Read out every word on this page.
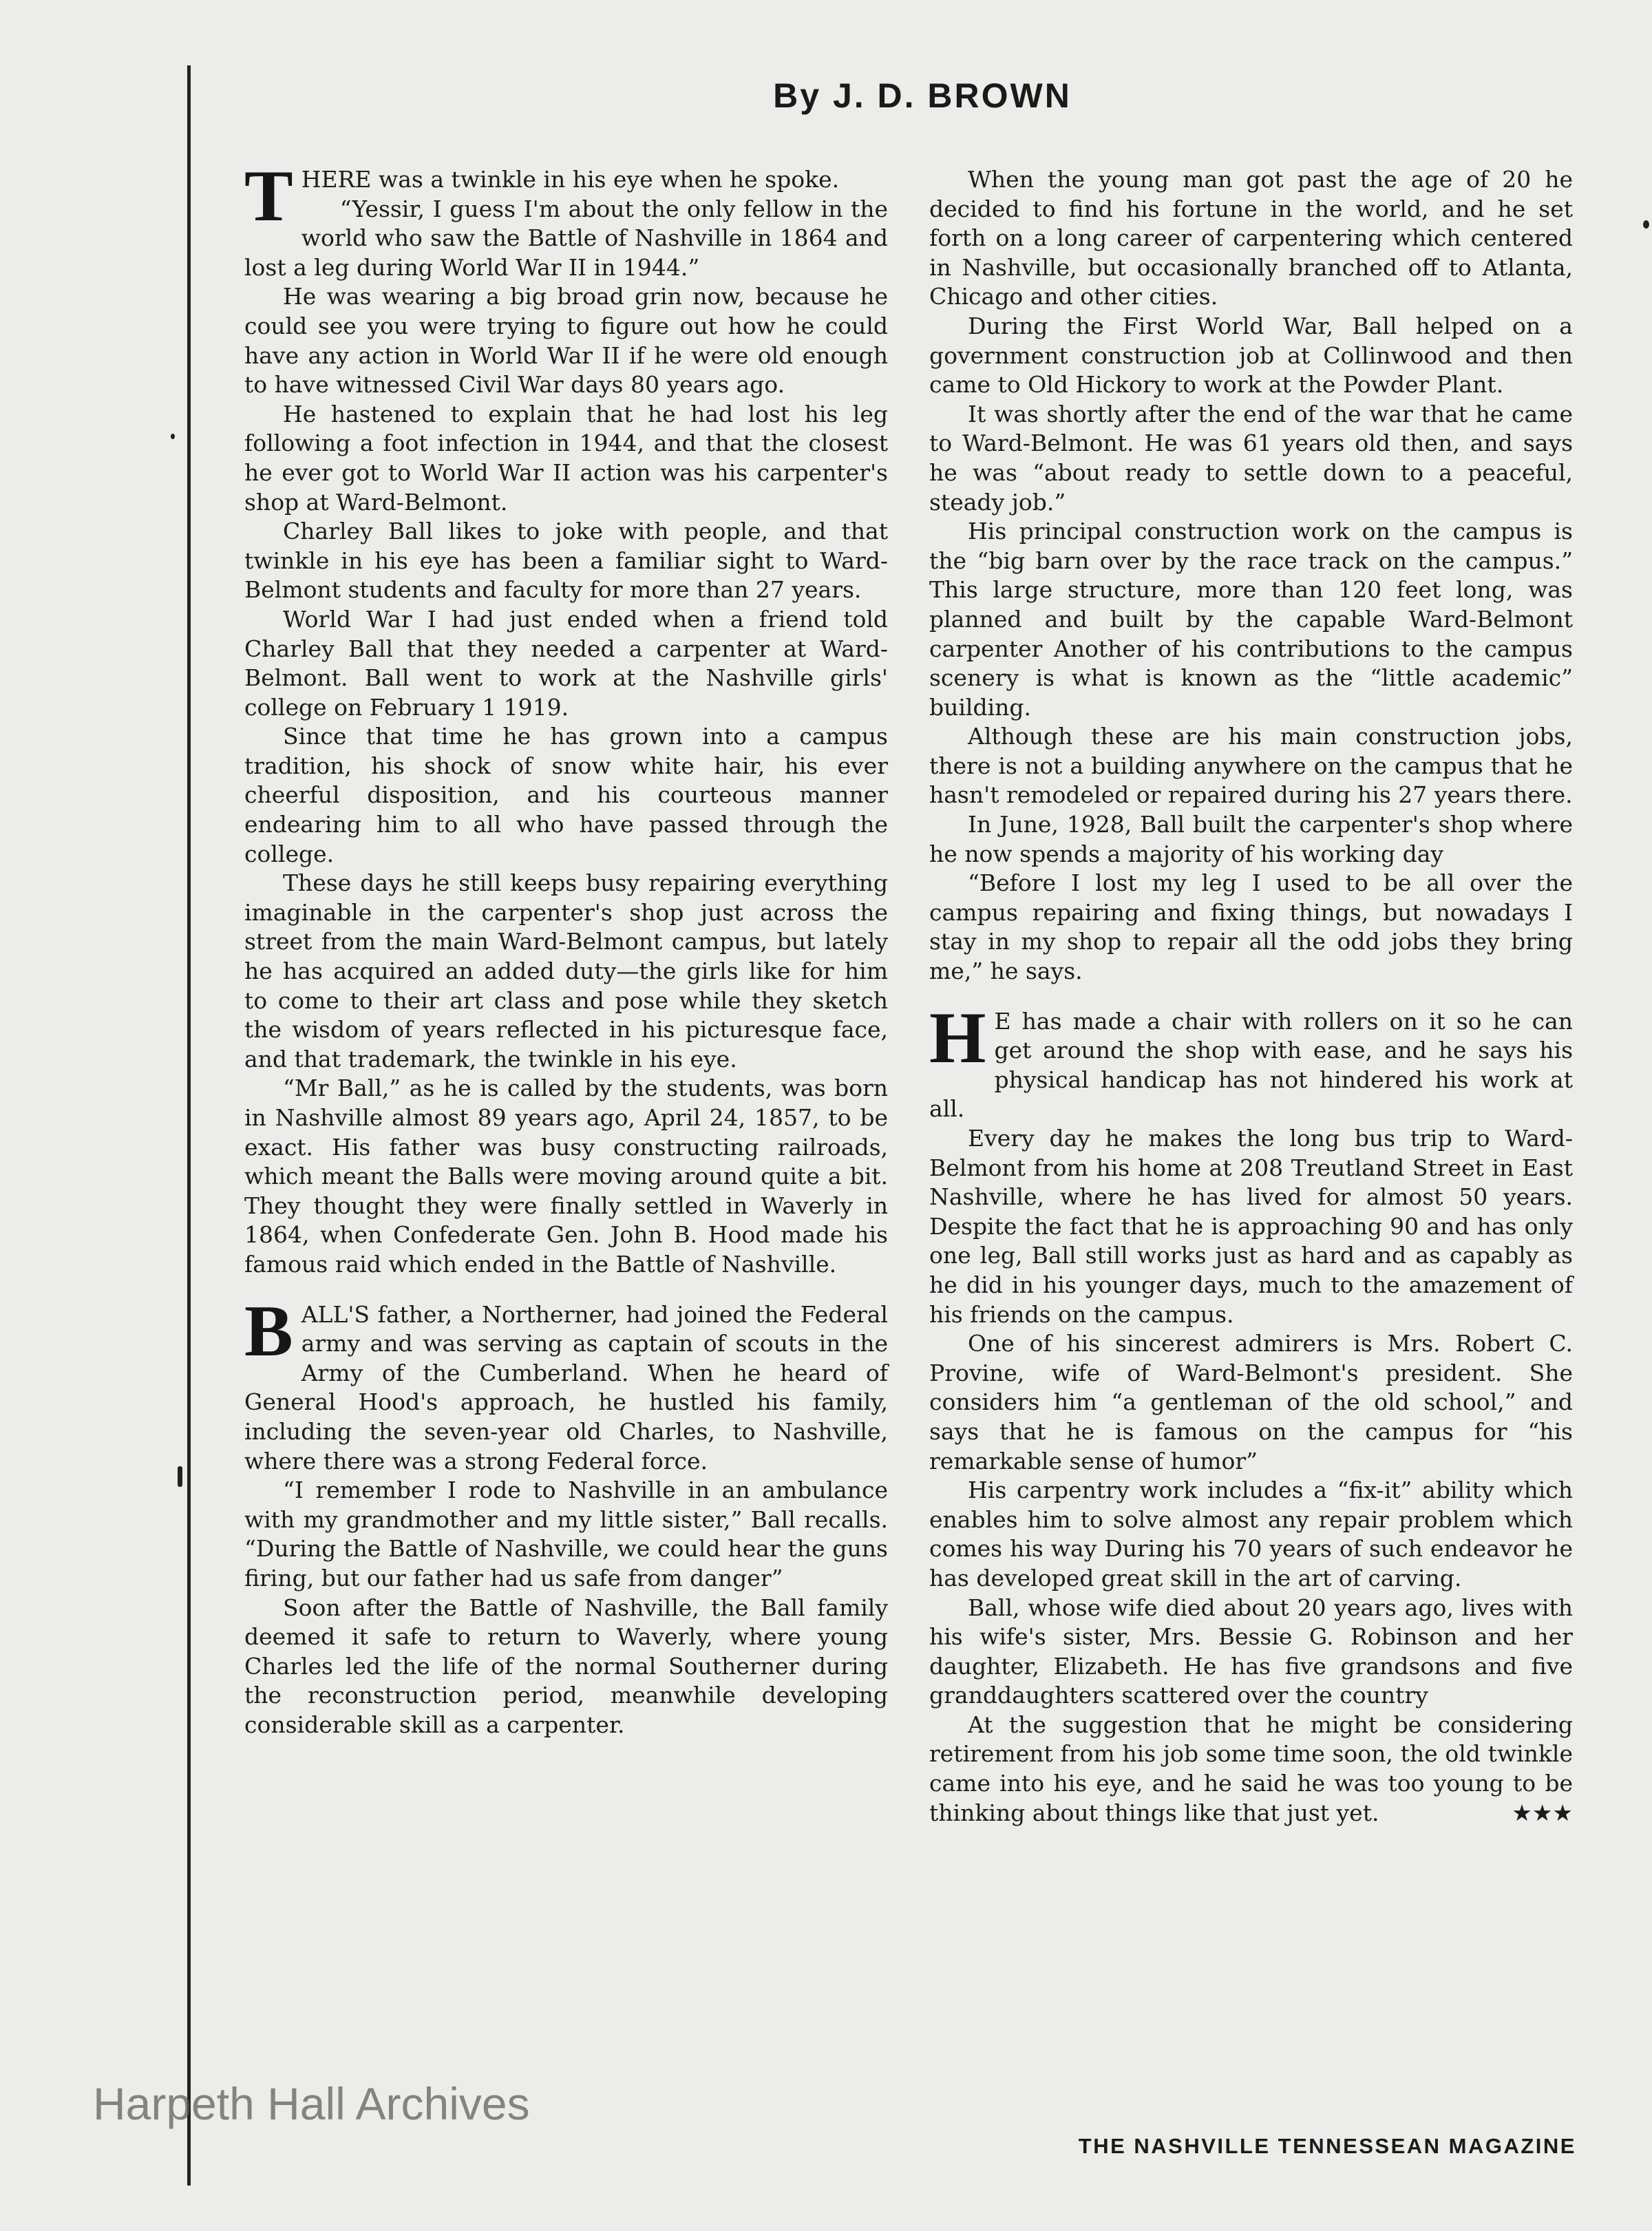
By J. D. BROWN

THERE was a twinkle in his eye when he spoke.

“Yessir, I guess I'm about the only fellow in the world who saw the Battle of Nashville in 1864 and lost a leg during World War II in 1944.”

He was wearing a big broad grin now, because he could see you were trying to figure out how he could have any action in World War II if he were old enough to have witnessed Civil War days 80 years ago.

He hastened to explain that he had lost his leg following a foot infection in 1944, and that the closest he ever got to World War II action was his carpenter's shop at Ward-Belmont.

Charley Ball likes to joke with people, and that twinkle in his eye has been a familiar sight to Ward-Belmont students and faculty for more than 27 years.

World War I had just ended when a friend told Charley Ball that they needed a carpenter at Ward-Belmont. Ball went to work at the Nashville girls' college on February 1 1919.

Since that time he has grown into a campus tradition, his shock of snow white hair, his ever cheerful disposition, and his courteous manner endearing him to all who have passed through the college.

These days he still keeps busy repairing everything imaginable in the carpenter's shop just across the street from the main Ward-Belmont campus, but lately he has acquired an added duty—the girls like for him to come to their art class and pose while they sketch the wisdom of years reflected in his picturesque face, and that trademark, the twinkle in his eye.

“Mr Ball,” as he is called by the students, was born in Nashville almost 89 years ago, April 24, 1857, to be exact. His father was busy constructing railroads, which meant the Balls were moving around quite a bit. They thought they were finally settled in Waverly in 1864, when Confederate Gen. John B. Hood made his famous raid which ended in the Battle of Nashville.

BALL'S father, a Northerner, had joined the Federal army and was serving as captain of scouts in the Army of the Cumberland. When he heard of General Hood's approach, he hustled his family, including the seven-year old Charles, to Nashville, where there was a strong Federal force.

“I remember I rode to Nashville in an ambulance with my grandmother and my little sister,” Ball recalls. “During the Battle of Nashville, we could hear the guns firing, but our father had us safe from danger”

Soon after the Battle of Nashville, the Ball family deemed it safe to return to Waverly, where young Charles led the life of the normal Southerner during the reconstruction period, meanwhile developing considerable skill as a carpenter.

When the young man got past the age of 20 he decided to find his fortune in the world, and he set forth on a long career of carpentering which centered in Nashville, but occasionally branched off to Atlanta, Chicago and other cities.

During the First World War, Ball helped on a government construction job at Collinwood and then came to Old Hickory to work at the Powder Plant.

It was shortly after the end of the war that he came to Ward-Belmont. He was 61 years old then, and says he was “about ready to settle down to a peaceful, steady job.”

His principal construction work on the campus is the “big barn over by the race track on the campus.” This large structure, more than 120 feet long, was planned and built by the capable Ward-Belmont carpenter Another of his contributions to the campus scenery is what is known as the “little academic” building.

Although these are his main construction jobs, there is not a building anywhere on the campus that he hasn't remodeled or repaired during his 27 years there.

In June, 1928, Ball built the carpenter's shop where he now spends a majority of his working day

“Before I lost my leg I used to be all over the campus repairing and fixing things, but nowadays I stay in my shop to repair all the odd jobs they bring me,” he says.

H E has made a chair with rollers on it so he can get around the shop with ease, and he says his physical handicap has not hindered his work at all.

Every day he makes the long bus trip to Ward-Belmont from his home at 208 Treutland Street in East Nashville, where he has lived for almost 50 years. Despite the fact that he is approaching 90 and has only one leg, Ball still works just as hard and as capably as he did in his younger days, much to the amazement of his friends on the campus.

One of his sincerest admirers is Mrs. Robert C. Provine, wife of Ward-Belmont's president. She considers him “a gentleman of the old school,” and says that he is famous on the campus for “his remarkable sense of humor”

His carpentry work includes a “fix-it” ability which enables him to solve almost any repair problem which comes his way During his 70 years of such endeavor he has developed great skill in the art of carving.

Ball, whose wife died about 20 years ago, lives with his wife's sister, Mrs. Bessie G. Robinson and her daughter, Elizabeth. He has five grandsons and five granddaughters scattered over the country

At the suggestion that he might be considering retirement from his job some time soon, the old twinkle came into his eye, and he said he was too young to be thinking about things like that just yet.	★★★

THE NASHVILLE TENNESSEAN MAGAZINE
Harpeth Hall Archives
